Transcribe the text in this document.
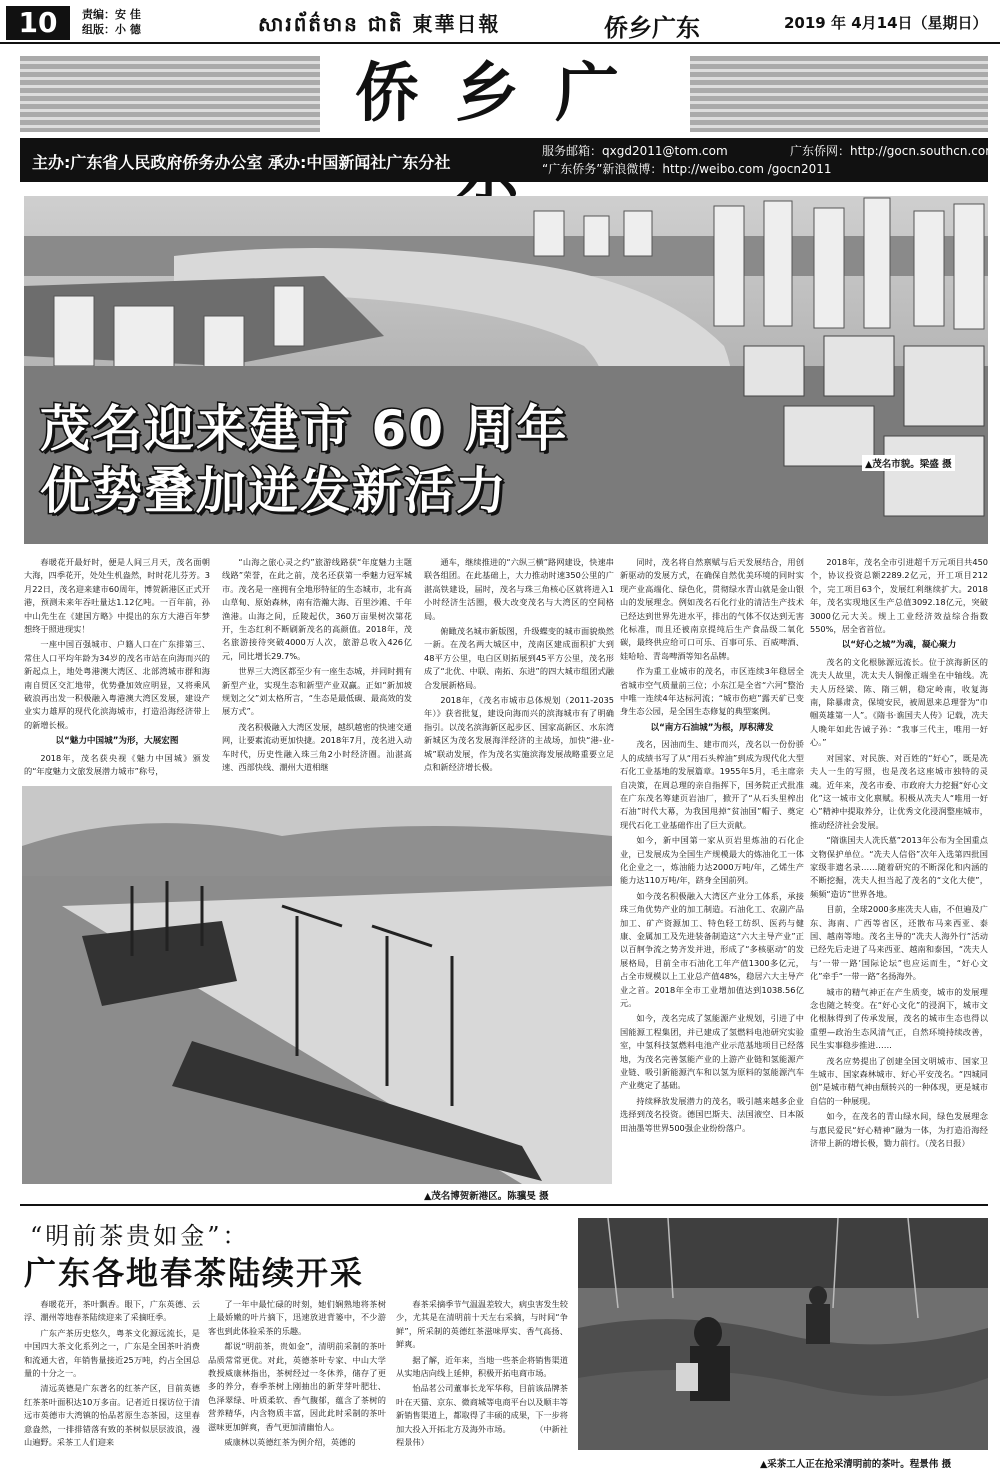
10	责编：安 佳
组版：小 德	សារព័ត៌មាន ជាតិ 東華日報	侨乡广东	2019 年 4月14日（星期日）
侨乡广
主办:广东省人民政府侨务办公室 承办:中国新闻社广东分社
服务邮箱：qxgd2011@tom.com
“广东侨务”新浪微博：http://weibo.com /gocn2011
广东侨网：http://gocn.southcn.com
▲茂名市貌。梁盛 摄
茂名迎来建市 60 周年
优势叠加迸发新活力

春暖花开最好时，便是人间三月天，茂名面朝大海，四季花开，处处生机盎然，时时花儿芬芳。3月22日，茂名迎来建市60周年，博贺新港区正式开港，预测未来年吞吐量达1.12亿吨。一百年前，孙中山先生在《建国方略》中提出的东方大港百年梦想终于照进现实！

一座中国百强城市、户籍人口在广东排第三、常住人口平均年龄为34岁的茂名市站在向海而兴的新起点上，地处粤港澳大湾区、北部湾城市群和海南自贸区交汇地带，优势叠加效应明显，又将乘风破浪再出发一积极融入粤港澳大湾区发展，建设产业实力雄厚的现代化滨海城市，打造沿海经济带上的新增长极。

以“魅力中国城”为形，大展宏图

2018年，茂名获央视《魅力中国城》颁发的“年度魅力文旅发展潜力城市”称号，

“山海之旅心灵之约”旅游线路获“年度魅力主题线路”荣誉，在此之前，茂名还获第一季魅力冠军城市。茂名是一座拥有全地形特征的生态城市，北有高山草甸、原始森林，南有浩瀚大海、百里沙滩、千年渔港。山海之间，丘陵起伏，360万亩果树次第花开，生态红利不断刷新茂名的高颜值。2018年，茂名旅游接待突破4000万人次，旅游总收入426亿元，同比增长29.7%。

世界三大湾区都至少有一座生态城，并同时拥有新型产业，实现生态和新型产业双赢。正如“新加坡规划之父”刘太格所言，“生态是最低碳、最高效的发展方式”。

茂名积极融入大湾区发展，越织越密的快速交通网，让要素流动更加快捷。2018年7月，茂名进入动车时代，历史性融入珠三角2小时经济圈。汕湛高速、西部快线、潮州大道相继

通车，继续推进的“六纵三横”路网建设，快速串联各组团。在此基础上，大力推动时速350公里的广湛高铁建设，届时，茂名与珠三角核心区就将进入1小时经济生活圈，极大改变茂名与大湾区的空间格局。

俯瞰茂名城市新版图，升级蝶变的城市面貌焕然一新。在茂名两大城区中，茂南区建成面积扩大到48平方公里，电白区则拓展到45平方公里，茂名形成了“北优、中联、南拓、东进”的四大城市组团式融合发展新格局。

2018年，《茂名市城市总体规划（2011-2035年）》获省批复，建设向海而兴的滨海城市有了明确指引。以茂名滨海新区起步区、国家高新区、水东湾新城区为茂名发展海洋经济的主战场，加快“港-业-城”联动发展，作为茂名实施滨海发展战略重要立足点和新经济增长极。

▲茂名博贺新港区。陈骥旻 摄

同时，茂名将自然禀赋与后天发展结合，用创新驱动的发展方式，在确保自然优美环境的同时实现产业高端化、绿色化，贯彻绿水青山就是金山银山的发展理念。例如茂名石化行业的清洁生产技术已经达到世界先进水平，排出的气体不仅达到无害化标准，而且还被南京提纯后生产食品级二氧化碳，最终供应给可口可乐、百事可乐、百威啤酒、娃哈哈、青岛啤酒等知名品牌。

作为重工业城市的茂名，市区连续3年稳居全省城市空气质量前三位；小东江是全省“六河”整治中唯一连续4年达标河流；“城市伤疤”露天矿已变身生态公园，是全国生态修复的典型案例。

以“南方石油城”为根，厚积薄发

茂名，因油而生、建市而兴，茂名以一份份骄人的成绩书写了从“用石头榨油”到成为现代化大型石化工业基地的发展篇章。1955年5月，毛主席亲自决策，在周总理的亲自指挥下，国务院正式批准在广东茂名筹建页岩油厂，掀开了“从石头里榨出石油”时代大幕，为我国甩掉“贫油国”帽子、奠定现代石化工业基础作出了巨大贡献。

如今，新中国第一家从页岩里炼油的石化企业，已发展成为全国生产规模最大的炼油化工一体化企业之一，炼油能力达2000万吨/年，乙烯生产能力达110万吨/年，跻身全国前列。

如今茂名积极融入大湾区产业分工体系，承接珠三角优势产业的加工制造。石油化工、农副产品加工、矿产资源加工、特色轻工纺织、医药与健康、金属加工及先进装备制造这“六大主导产业”正以百舸争流之势齐发并进，形成了“多核驱动”的发展格局，目前全市石油化工年产值1300多亿元，占全市规模以上工业总产值48%，稳居六大主导产业之首。2018年全市工业增加值达到1038.56亿元。

如今，茂名完成了氢能源产业规划，引进了中国能源工程集团，并已建成了氢燃料电池研究实验室，中氢科技氢燃料电池产业示范基地项目已经落地，为茂名完善氢能产业的上游产业链和氢能源产业链、吸引新能源汽车和以氢为原料的氢能源汽车产业奠定了基础。

持续释放发展潜力的茂名，吸引越来越多企业选择到茂名投资。德国巴斯夫、法国液空、日本阪田油墨等世界500强企业纷纷落户。

2018年，茂名全市引进超千万元项目共450个，协议投资总额2289.2亿元，开工项目212个，完工项目63个，发展红利继续扩大。2018年，茂名实现地区生产总值3092.18亿元，突破3000亿元大关。规上工业经济效益综合指数550%，居全省首位。

以“好心之城”为魂，凝心聚力

茂名的文化根脉源远流长。位于滨海新区的冼夫人故里，冼太夫人铜像正端坐在中轴线。冼夫人历经梁、陈、隋三朝，稳定岭南，收复海南，除暴肃贪，保境安民，被周恩来总理誉为“巾帼英雄第一人”。《隋书·谯国夫人传》记载，冼夫人晚年如此告诫子孙：“我事三代主，唯用一好心。”

对国家、对民族、对百姓的“好心”，既是冼夫人一生的写照，也是茂名这座城市独特的灵魂。近年来，茂名市委、市政府大力挖掘“好心文化”这一城市文化禀赋。积极从冼夫人“唯用一好心”精神中提取养分，让优秀文化浸润整座城市，推动经济社会发展。

“隋谯国夫人冼氏墓”2013年公布为全国重点文物保护单位。“冼夫人信俗”次年入选第四批国家级非遗名录……随着研究的不断深化和内涵的不断挖掘，冼夫人担当起了茂名的“文化大使”，频频“造访”世界各地。

目前，全球2000多座冼夫人庙，不但遍及广东、海南、广西等省区，还散布马来西亚、泰国、越南等地。茂名主导的“冼夫人海外行”活动已经先后走进了马来西亚、越南和泰国，“冼夫人与‘一带一路’国际论坛”也应运而生，“好心文化”牵手“一带一路”名扬海外。

城市的精气神正在产生质变，城市的发展理念也随之转变。在“好心文化”的浸润下，城市文化根脉得到了传承发展，茂名的城市生态也得以重塑—政治生态风清气正，自然环境持续改善，民生实事稳步推进……

茂名应势提出了创建全国文明城市、国家卫生城市、国家森林城市、好心平安茂名。“四城同创”是城市精气神由颓转兴的一种体现，更是城市自信的一种展现。

如今，在茂名的青山绿水间，绿色发展理念与惠民爱民“好心精神”融为一体，为打造沿海经济带上新的增长极，勠力前行。（茂名日报）

“明前茶贵如金”：
广东各地春茶陆续开采

春暖花开，茶叶飘香。眼下，广东英德、云浮、潮州等地春茶陆续迎来了采摘旺季。

广东产茶历史悠久，粤茶文化源远流长，是中国四大茶文化系列之一，广东是全国茶叶消费和流通大省，年销售量接近25万吨，约占全国总量的十分之一。

清远英德是广东著名的红茶产区，目前英德红茶茶叶面积达10万多亩。记者近日探访位于清远市英德市大湾镇的怡品茗原生态茶园，这里春意盎然，一排排错落有致的茶树似层层波浪，漫山遍野。采茶工人们迎来

了一年中最忙碌的时刻，她们娴熟地将茶树上最娇嫩的叶片摘下，迅速放进背篓中，不少游客也到此体验采茶的乐趣。

都说“明前茶，贵如金”，清明前采制的茶叶品质常常更优。对此，英德茶叶专家、中山大学教授威康林指出，茶树经过一冬休养，储存了更多的养分，春季茶树上刚抽出的新芽芽叶肥壮、色泽翠绿、叶质柔软、香气馥郁，蕴含了茶树的营养精华，内含物质丰富，因此此时采制的茶叶滋味更加鲜爽，香气更加清幽怡人。

威康林以英德红茶为例介绍，英德的

春茶采摘季节气温温差较大，病虫害发生较少，尤其是在清明前十天左右采摘，与时间“争鲜”，所采制的英德红茶滋味厚实、香气高扬、鲜爽。

据了解，近年来，当地一些茶企将销售渠道从实地店向线上延伸，积极开拓电商市场。

怡品茗公司董事长龙军华称，目前该品牌茶叶在天猫、京东、微商城等电商平台以及顺丰等新销售渠道上，都取得了丰硕的成果，下一步将加大投入开拓北方及海外市场。　　　　（中新社 程景伟）

▲采茶工人正在抢采清明前的茶叶。程景伟 摄
